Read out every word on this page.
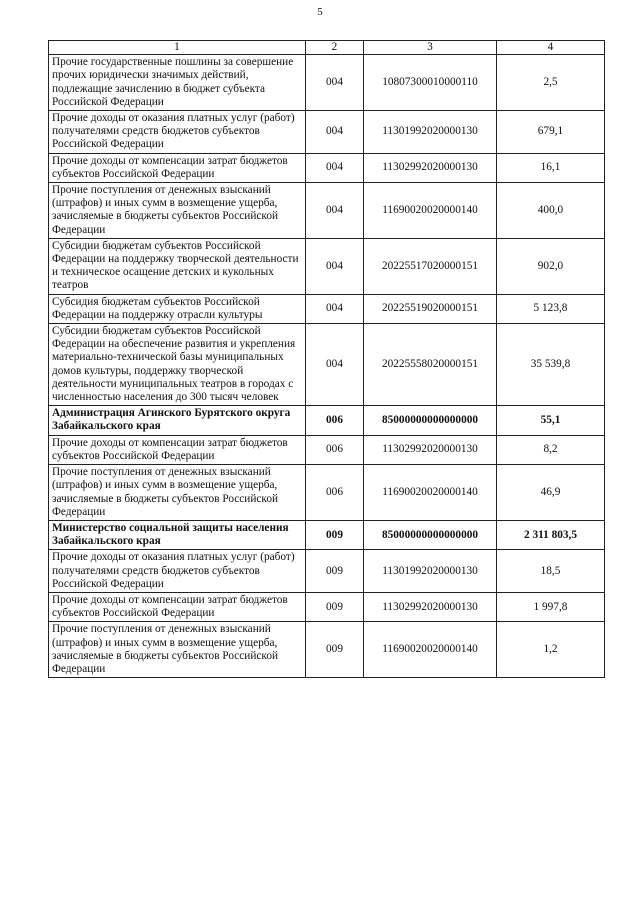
5
1	2	3	4
Прочие государственные пошлины за совершение прочих юридически значимых действий, подлежащие зачислению в бюджет субъекта Российской Федерации	004	10807300010000110	2,5
Прочие доходы от оказания платных услуг (работ) получателями средств бюджетов субъектов Российской Федерации	004	11301992020000130	679,1
Прочие доходы от компенсации затрат бюджетов субъектов Российской Федерации	004	11302992020000130	16,1
Прочие поступления от денежных взысканий (штрафов) и иных сумм в возмещение ущерба, зачисляемые в бюджеты субъектов Российской Федерации	004	11690020020000140	400,0
Субсидии бюджетам субъектов Российской Федерации на поддержку творческой деятельности и техническое осащение детских и кукольных театров	004	20225517020000151	902,0
Субсидия бюджетам субъектов Российской Федерации на поддержку отрасли культуры	004	20225519020000151	5 123,8
Субсидии бюджетам субъектов Российской Федерации на обеспечение развития и укрепления материально-технической базы муниципальных домов культуры, поддержку творческой деятельности муниципальных театров в городах с численностью населения до 300 тысяч человек	004	20225558020000151	35 539,8
Администрация Агинского Бурятского округа Забайкальского края	006	85000000000000000	55,1
Прочие доходы от компенсации затрат бюджетов субъектов Российской Федерации	006	11302992020000130	8,2
Прочие поступления от денежных взысканий (штрафов) и иных сумм в возмещение ущерба, зачисляемые в бюджеты субъектов Российской Федерации	006	11690020020000140	46,9
Министерство социальной защиты населения Забайкальского края	009	85000000000000000	2 311 803,5
Прочие доходы от оказания платных услуг (работ) получателями средств бюджетов субъектов Российской Федерации	009	11301992020000130	18,5
Прочие доходы от компенсации затрат бюджетов субъектов Российской Федерации	009	11302992020000130	1 997,8
Прочие поступления от денежных взысканий (штрафов) и иных сумм в возмещение ущерба, зачисляемые в бюджеты субъектов Российской Федерации	009	11690020020000140	1,2
